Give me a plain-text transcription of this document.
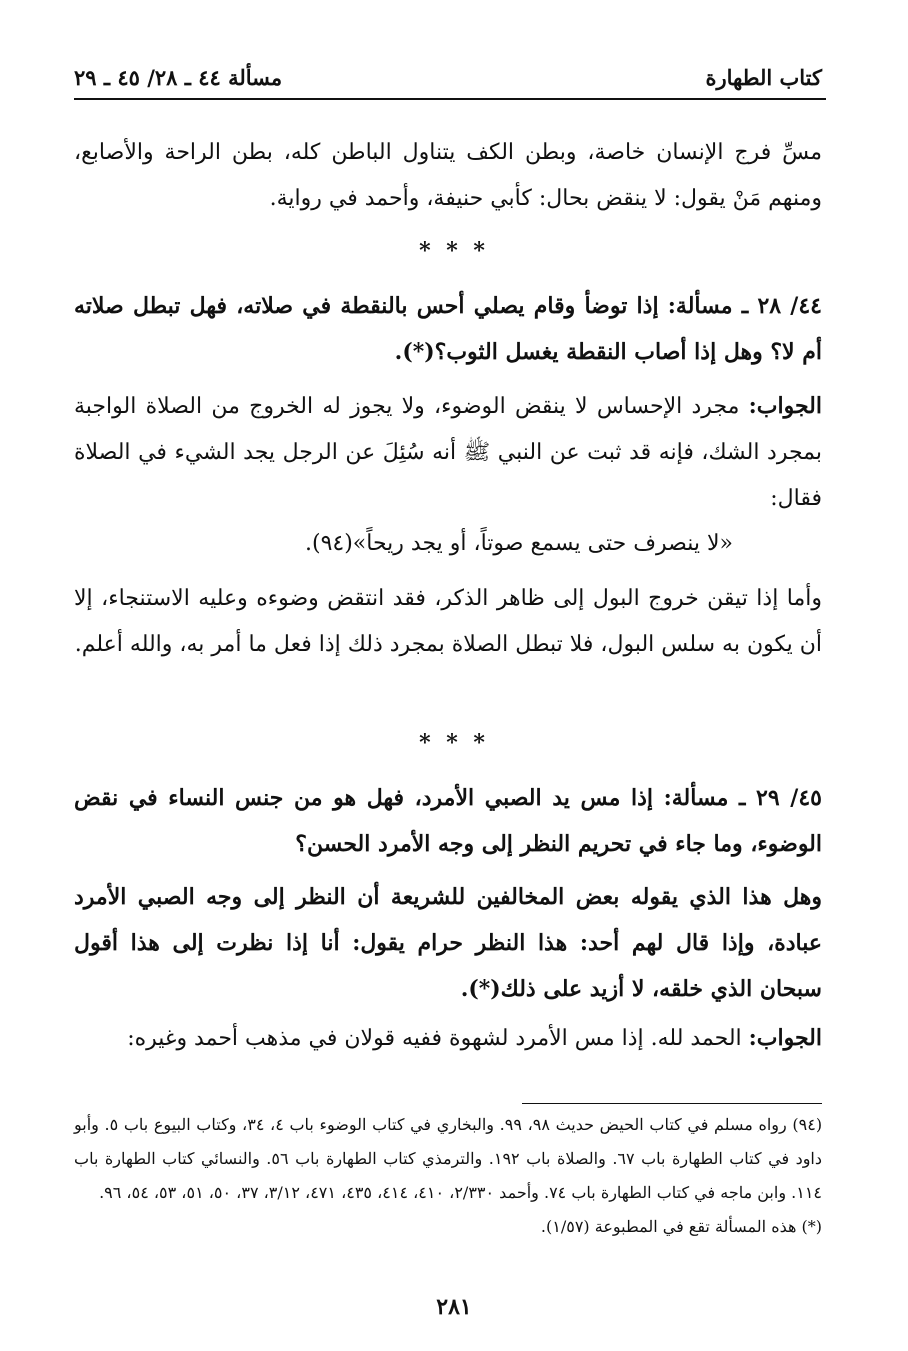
كتاب الطهارة
مسألة ٤٤ ـ ٢٨/ ٤٥ ـ ٢٩

مسِّ فرج الإنسان خاصة، وبطن الكف يتناول الباطن كله، بطن الراحة والأصابع، ومنهم مَنْ يقول: لا ينقض بحال: كأبي حنيفة، وأحمد في رواية.

* * *

٤٤/ ٢٨ ـ مسألة: إذا توضأ وقام يصلي أحس بالنقطة في صلاته، فهل تبطل صلاته أم لا؟ وهل إذا أصاب النقطة يغسل الثوب؟(*).

الجواب: مجرد الإحساس لا ينقض الوضوء، ولا يجوز له الخروج من الصلاة الواجبة بمجرد الشك، فإنه قد ثبت عن النبي ﷺ أنه سُئِلَ عن الرجل يجد الشيء في الصلاة فقال:

«لا ينصرف حتى يسمع صوتاً، أو يجد ريحاً»(٩٤).

وأما إذا تيقن خروج البول إلى ظاهر الذكر، فقد انتقض وضوءه وعليه الاستنجاء، إلا أن يكون به سلس البول، فلا تبطل الصلاة بمجرد ذلك إذا فعل ما أمر به، والله أعلم.

* * *

٤٥/ ٢٩ ـ مسألة: إذا مس يد الصبي الأمرد، فهل هو من جنس النساء في نقض الوضوء، وما جاء في تحريم النظر إلى وجه الأمرد الحسن؟

وهل هذا الذي يقوله بعض المخالفين للشريعة أن النظر إلى وجه الصبي الأمرد عبادة، وإذا قال لهم أحد: هذا النظر حرام يقول: أنا إذا نظرت إلى هذا أقول سبحان الذي خلقه، لا أزيد على ذلك(*).

الجواب: الحمد لله. إذا مس الأمرد لشهوة ففيه قولان في مذهب أحمد وغيره:

(٩٤) رواه مسلم في كتاب الحيض حديث ٩٨، ٩٩. والبخاري في كتاب الوضوء باب ٤، ٣٤، وكتاب البيوع باب ٥. وأبو داود في كتاب الطهارة باب ٦٧. والصلاة باب ١٩٢. والترمذي كتاب الطهارة باب ٥٦. والنسائي كتاب الطهارة باب ١١٤. وابن ماجه في كتاب الطهارة باب ٧٤. وأحمد ٢/٣٣٠، ٤١٠، ٤١٤، ٤٣٥، ٤٧١، ٣/١٢، ٣٧، ٥٠، ٥١، ٥٣، ٥٤، ٩٦.

(*) هذه المسألة تقع في المطبوعة (١/٥٧).

٢٨١
